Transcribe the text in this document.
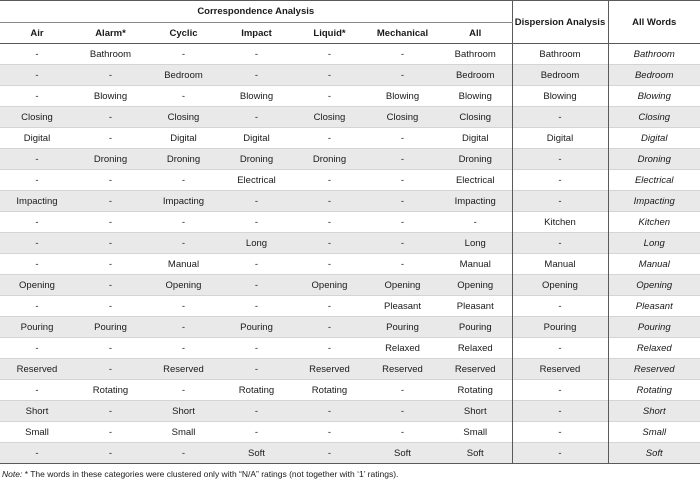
Correspondence Analysis							Dispersion Analysis	All Words
Air	Alarm*	Cyclic	Impact	Liquid*	Mechanical	All		
-	Bathroom	-	-	-	-	Bathroom	Bathroom	Bathroom
-	-	Bedroom	-	-	-	Bedroom	Bedroom	Bedroom
-	Blowing	-	Blowing	-	Blowing	Blowing	Blowing	Blowing
Closing	-	Closing	-	Closing	Closing	Closing	-	Closing
Digital	-	Digital	Digital	-	-	Digital	Digital	Digital
-	Droning	Droning	Droning	Droning	-	Droning	-	Droning
-	-	-	Electrical	-	-	Electrical	-	Electrical
Impacting	-	Impacting	-	-	-	Impacting	-	Impacting
-	-	-	-	-	-	-	Kitchen	Kitchen
-	-	-	Long	-	-	Long	-	Long
-	-	Manual	-	-	-	Manual	Manual	Manual
Opening	-	Opening	-	Opening	Opening	Opening	Opening	Opening
-	-	-	-	-	Pleasant	Pleasant	-	Pleasant
Pouring	Pouring	-	Pouring	-	Pouring	Pouring	Pouring	Pouring
-	-	-	-	-	Relaxed	Relaxed	-	Relaxed
Reserved	-	Reserved	-	Reserved	Reserved	Reserved	Reserved	Reserved
-	Rotating	-	Rotating	Rotating	-	Rotating	-	Rotating
Short	-	Short	-	-	-	Short	-	Short
Small	-	Small	-	-	-	Small	-	Small
-	-	-	Soft	-	Soft	Soft	-	Soft
Note: * The words in these categories were clustered only with “N/A” ratings (not together with ‘1’ ratings).
